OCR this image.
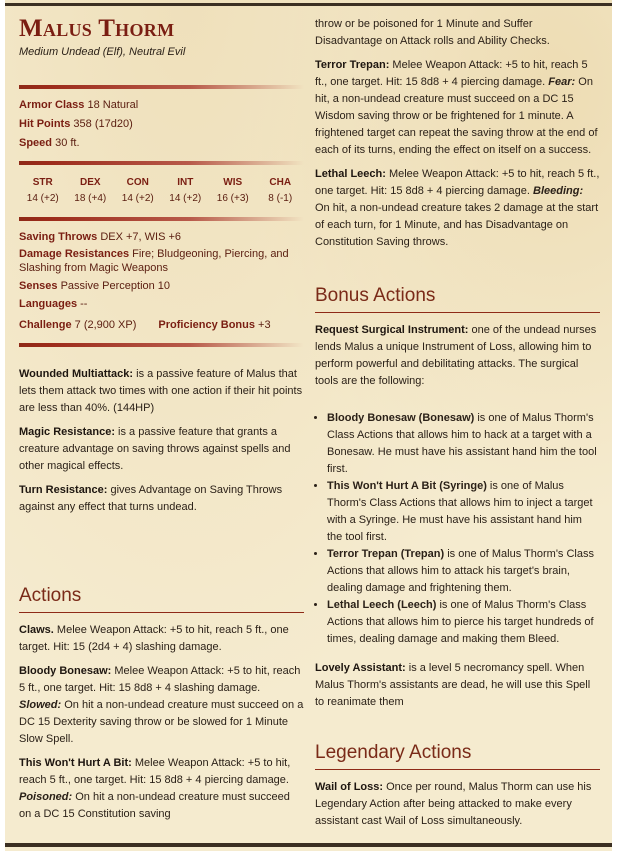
Malus Thorm
Medium Undead (Elf), Neutral Evil

Armor Class 18 Natural

Hit Points 358 (17d20)

Speed 30 ft.

STR	DEX	CON	INT	WIS	CHA
14 (+2)	18 (+4)	14 (+2)	14 (+2)	16 (+3)	8 (-1)

Saving Throws DEX +7, WIS +6

Damage Resistances Fire; Bludgeoning, Piercing, and Slashing from Magic Weapons

Senses Passive Perception 10

Languages --

Challenge 7 (2,900 XP) Proficiency Bonus +3

Wounded Multiattack: is a passive feature of Malus that lets them attack two times with one action if their hit points are less than 40%. (144HP)

Magic Resistance: is a passive feature that grants a creature advantage on saving throws against spells and other magical effects.

Turn Resistance: gives Advantage on Saving Throws against any effect that turns undead.

Actions

Claws. Melee Weapon Attack: +5 to hit, reach 5 ft., one target. Hit: 15 (2d4 + 4) slashing damage.

Bloody Bonesaw: Melee Weapon Attack: +5 to hit, reach 5 ft., one target. Hit: 15 8d8 + 4 slashing damage. Slowed: On hit a non-undead creature must succeed on a DC 15 Dexterity saving throw or be slowed for 1 Minute Slow Spell.

This Won't Hurt A Bit: Melee Weapon Attack: +5 to hit, reach 5 ft., one target. Hit: 15 8d8 + 4 piercing damage. Poisoned: On hit a non-undead creature must succeed on a DC 15 Constitution saving

throw or be poisoned for 1 Minute and Suffer Disadvantage on Attack rolls and Ability Checks.

Terror Trepan: Melee Weapon Attack: +5 to hit, reach 5 ft., one target. Hit: 15 8d8 + 4 piercing damage. Fear: On hit, a non-undead creature must succeed on a DC 15 Wisdom saving throw or be frightened for 1 minute. A frightened target can repeat the saving throw at the end of each of its turns, ending the effect on itself on a success.

Lethal Leech: Melee Weapon Attack: +5 to hit, reach 5 ft., one target. Hit: 15 8d8 + 4 piercing damage. Bleeding: On hit, a non-undead creature takes 2 damage at the start of each turn, for 1 Minute, and has Disadvantage on Constitution Saving throws.

Bonus Actions

Request Surgical Instrument: one of the undead nurses lends Malus a unique Instrument of Loss, allowing him to perform powerful and debilitating attacks. The surgical tools are the following:

• Bloody Bonesaw (Bonesaw) is one of Malus Thorm's Class Actions that allows him to hack at a target with a Bonesaw. He must have his assistant hand him the tool first.
• This Won't Hurt A Bit (Syringe) is one of Malus Thorm's Class Actions that allows him to inject a target with a Syringe. He must have his assistant hand him the tool first.
• Terror Trepan (Trepan) is one of Malus Thorm's Class Actions that allows him to attack his target's brain, dealing damage and frightening them.
• Lethal Leech (Leech) is one of Malus Thorm's Class Actions that allows him to pierce his target hundreds of times, dealing damage and making them Bleed.

Lovely Assistant: is a level 5 necromancy spell. When Malus Thorm's assistants are dead, he will use this Spell to reanimate them

Legendary Actions

Wail of Loss: Once per round, Malus Thorm can use his Legendary Action after being attacked to make every assistant cast Wail of Loss simultaneously.
